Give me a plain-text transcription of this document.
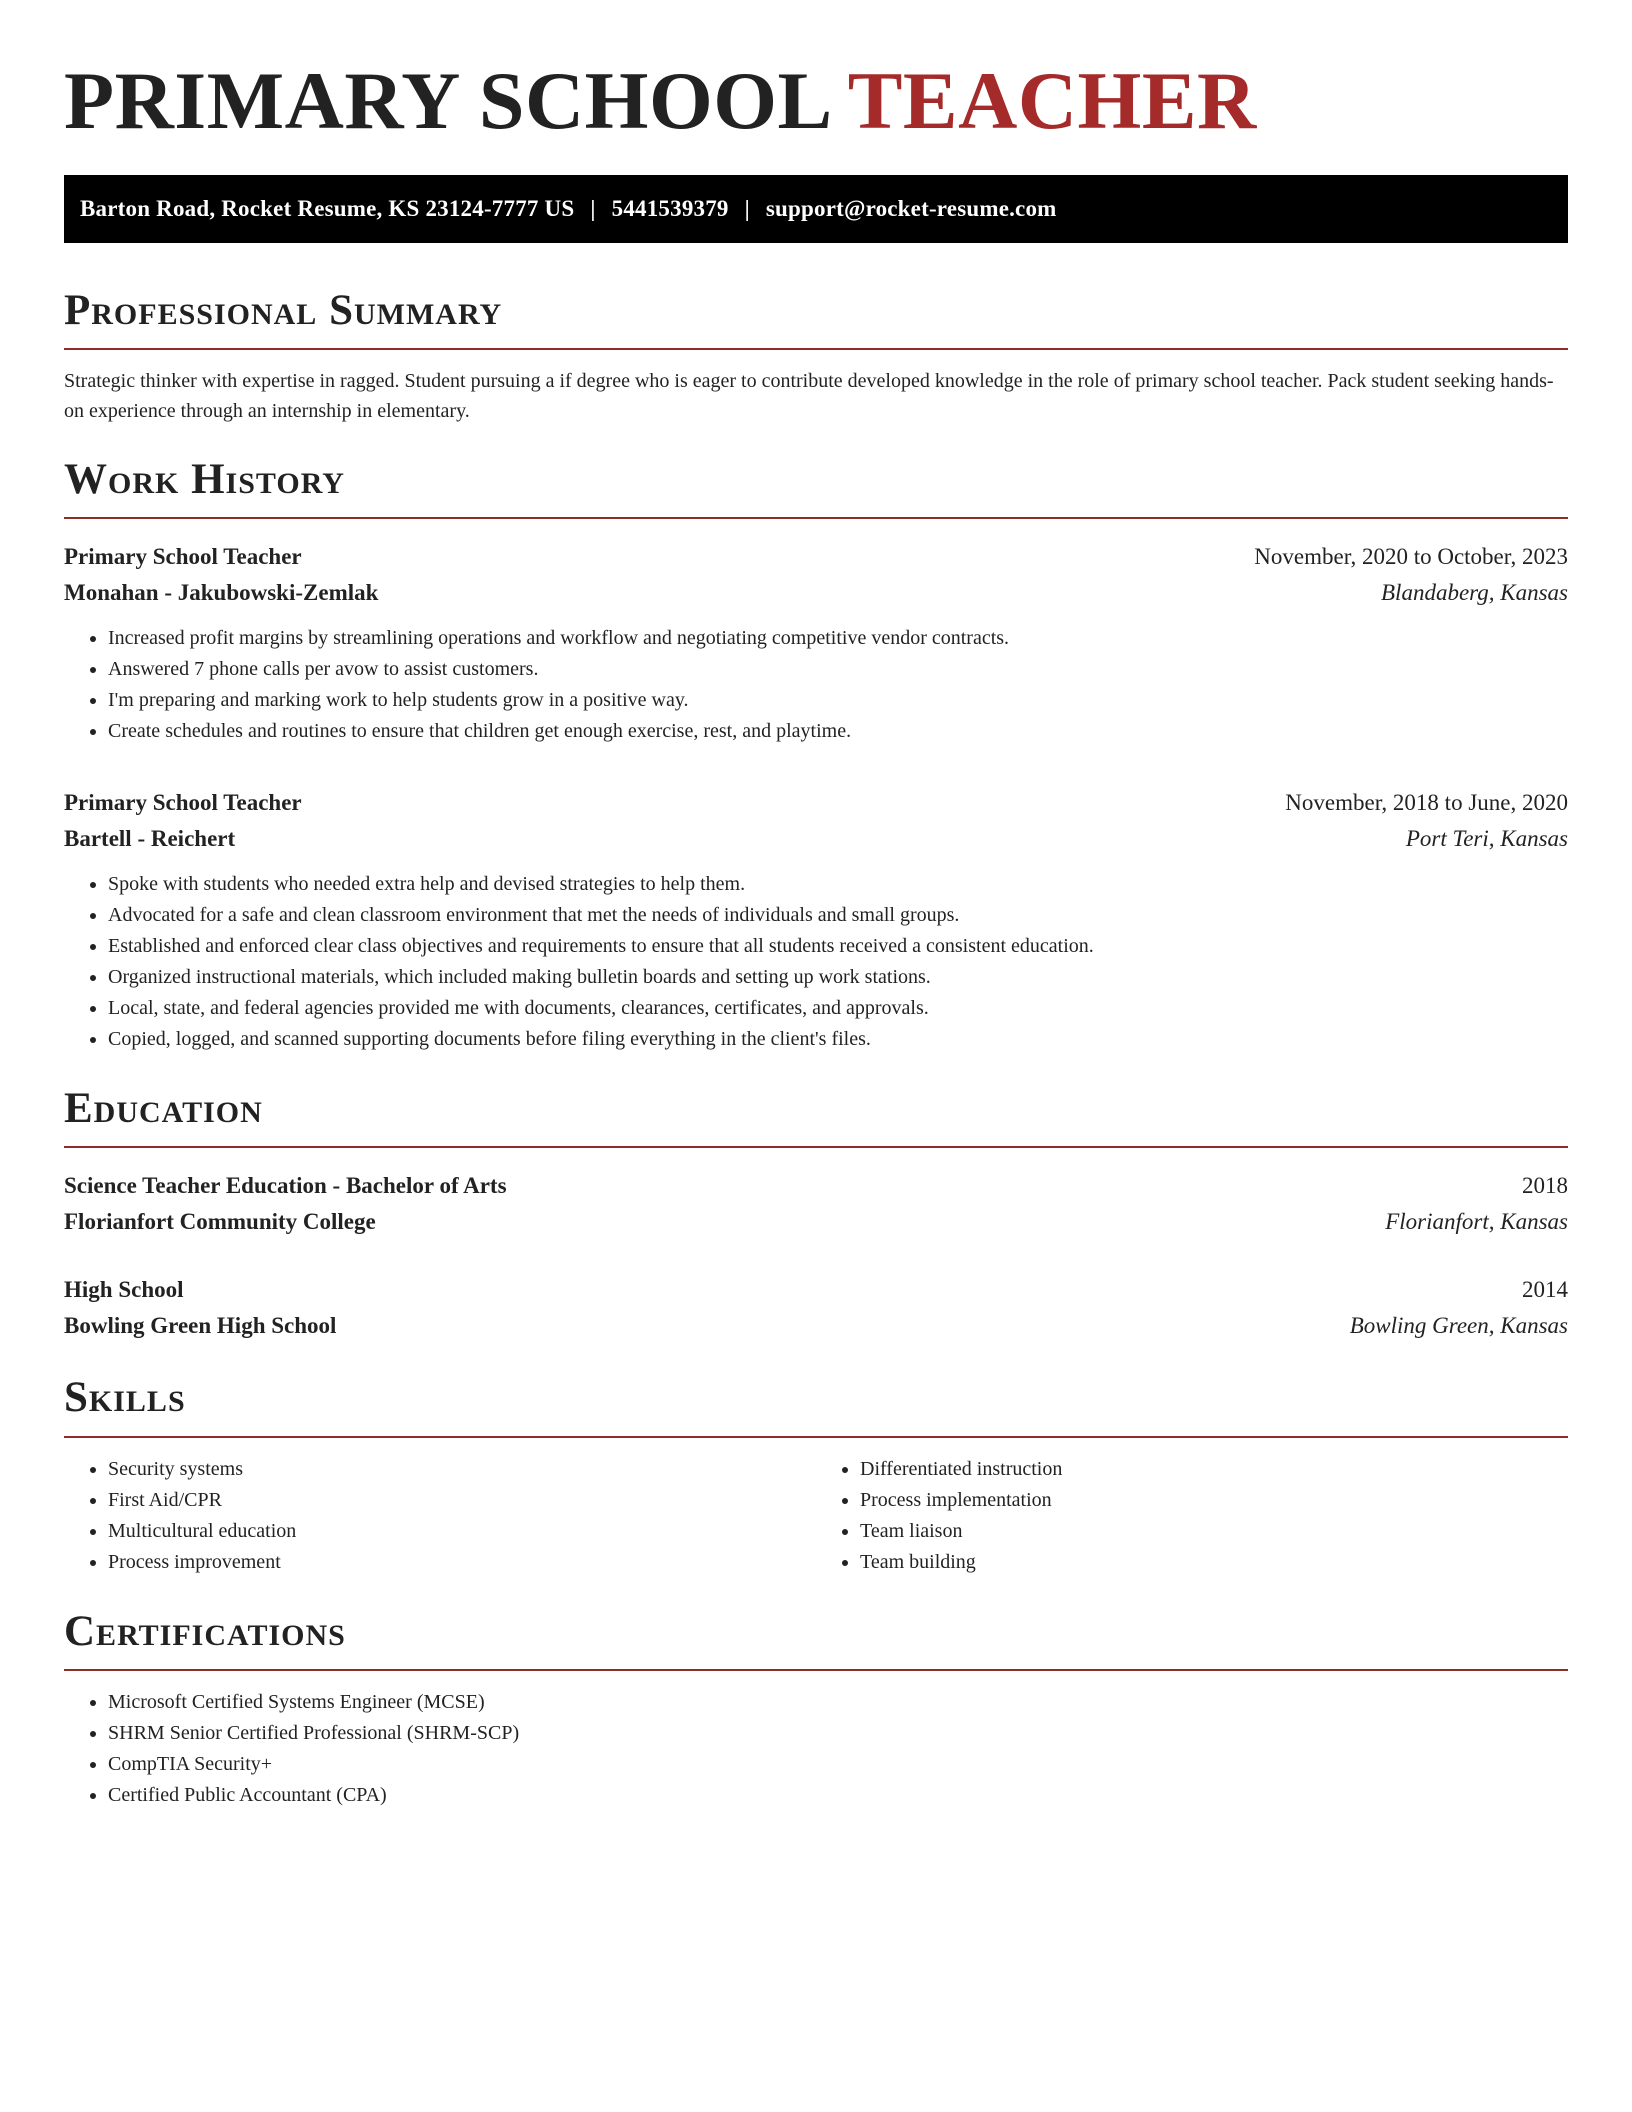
PRIMARY SCHOOL TEACHER
Barton Road, Rocket Resume, KS 23124-7777 US | 5441539379 | support@rocket-resume.com
Professional Summary

Strategic thinker with expertise in ragged. Student pursuing a if degree who is eager to contribute developed knowledge in the role of primary school teacher. Pack student seeking hands-on experience through an internship in elementary.

Work History
Primary School Teacher	November, 2020 to October, 2023
Monahan - Jakubowski-Zemlak	Blandaberg, Kansas
• Increased profit margins by streamlining operations and workflow and negotiating competitive vendor contracts.
• Answered 7 phone calls per avow to assist customers.
• I'm preparing and marking work to help students grow in a positive way.
• Create schedules and routines to ensure that children get enough exercise, rest, and playtime.
Primary School Teacher	November, 2018 to June, 2020
Bartell - Reichert	Port Teri, Kansas
• Spoke with students who needed extra help and devised strategies to help them.
• Advocated for a safe and clean classroom environment that met the needs of individuals and small groups.
• Established and enforced clear class objectives and requirements to ensure that all students received a consistent education.
• Organized instructional materials, which included making bulletin boards and setting up work stations.
• Local, state, and federal agencies provided me with documents, clearances, certificates, and approvals.
• Copied, logged, and scanned supporting documents before filing everything in the client's files.
Education
Science Teacher Education - Bachelor of Arts	2018
Florianfort Community College	Florianfort, Kansas
High School	2014
Bowling Green High School	Bowling Green, Kansas
Skills
• Security systems
• First Aid/CPR
• Multicultural education
• Process improvement
• Differentiated instruction
• Process implementation
• Team liaison
• Team building
Certifications
• Microsoft Certified Systems Engineer (MCSE)
• SHRM Senior Certified Professional (SHRM-SCP)
• CompTIA Security+
• Certified Public Accountant (CPA)
